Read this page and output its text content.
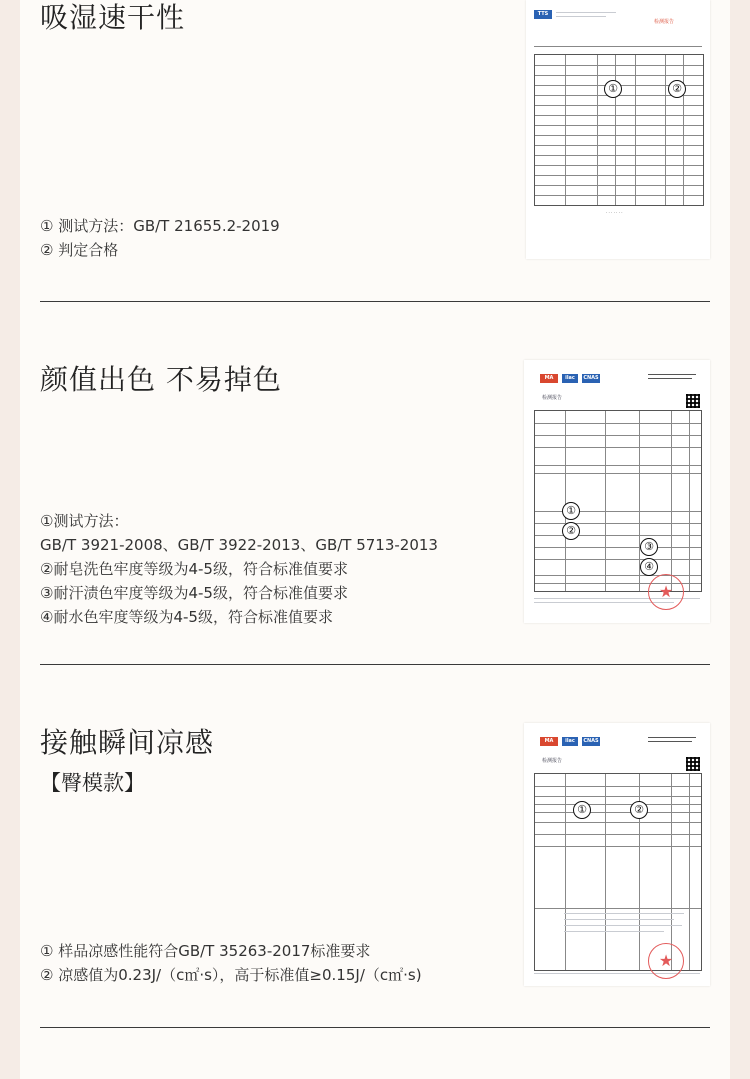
吸湿速干性
① 测试方法：GB/T 21655.2-2019
② 判定合格
TTS
检测报告
· · · · · · ·
①	②
颜值出色 不易掉色
①测试方法：
GB/T 3921-2008、GB/T 3922-2013、GB/T 5713-2013
②耐皂洗色牢度等级为4-5级，符合标准值要求
③耐汗渍色牢度等级为4-5级，符合标准值要求
④耐水色牢度等级为4-5级，符合标准值要求
MA	ilac	CNAS
检测报告
①
②
③
④
★
接触瞬间凉感
【臀模款】
① 样品凉感性能符合GB/T 35263-2017标准要求
② 凉感值为0.23J/（c㎡·s），高于标准值≥0.15J/（c㎡·s)
MA	ilac	CNAS
检测报告
①	②
★
